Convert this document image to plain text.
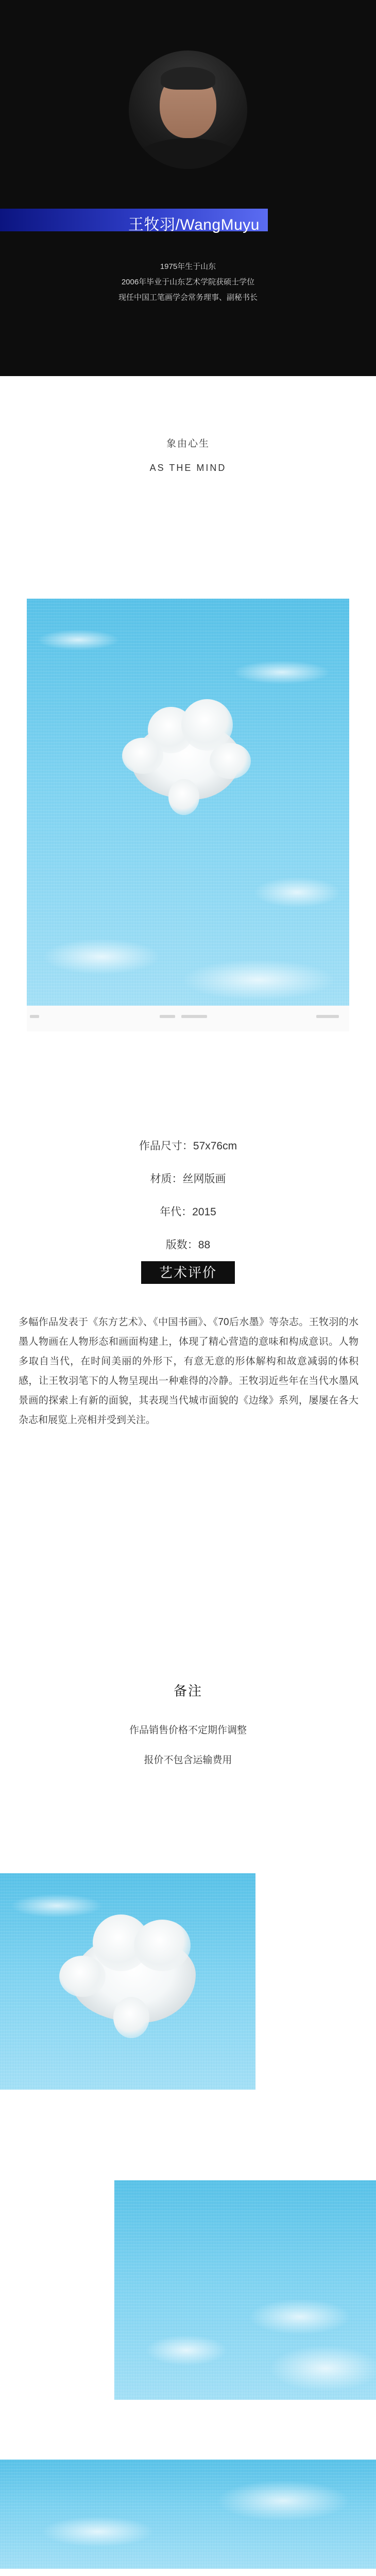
王牧羽/WangMuyu

1975年生于山东

2006年毕业于山东艺术学院获硕士学位

现任中国工笔画学会常务理事、副秘书长

象由心生
AS THE MIND

作品尺寸：57x76cm

材质：丝网版画

年代：2015

版数：88

艺术评价

多幅作品发表于《东方艺术》、《中国书画》、《70后水墨》等杂志。王牧羽的水墨人物画在人物形态和画面构建上，体现了精心营造的意味和构成意识。人物多取自当代，在时间美丽的外形下，有意无意的形体解构和故意减弱的体积感，让王牧羽笔下的人物呈现出一种难得的冷静。王牧羽近些年在当代水墨风景画的探索上有新的面貌，其表现当代城市面貌的《边缘》系列，屡屡在各大杂志和展览上亮相并受到关注。

备注

作品销售价格不定期作调整

报价不包含运输费用
